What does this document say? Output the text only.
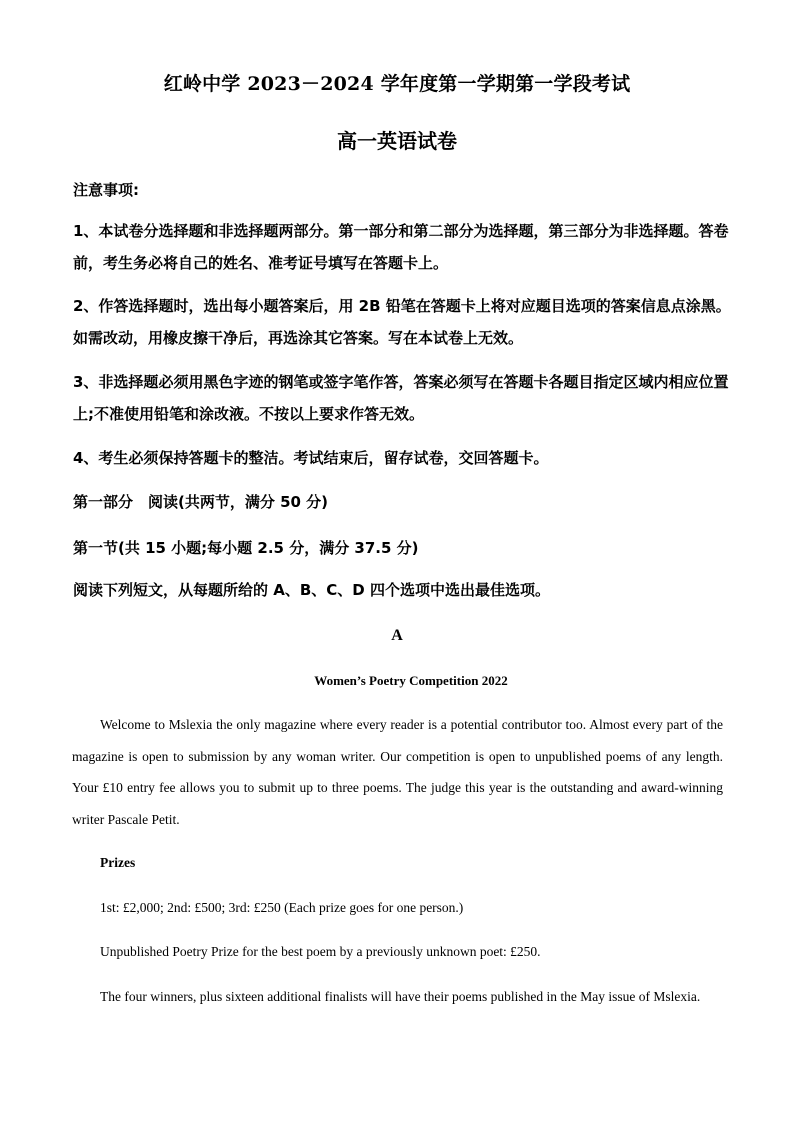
红岭中学 2023－2024 学年度第一学期第一学段考试
高一英语试卷

注意事项:

1、本试卷分选择题和非选择题两部分。第一部分和第二部分为选择题，第三部分为非选择题。答卷前，考生务必将自己的姓名、准考证号填写在答题卡上。

2、作答选择题时，选出每小题答案后，用 2B 铅笔在答题卡上将对应题目选项的答案信息点涂黑。如需改动，用橡皮擦干净后，再选涂其它答案。写在本试卷上无效。

3、非选择题必须用黑色字迹的钢笔或签字笔作答，答案必须写在答题卡各题目指定区域内相应位置上;不准使用铅笔和涂改液。不按以上要求作答无效。

4、考生必须保持答题卡的整洁。考试结束后，留存试卷，交回答题卡。

第一部分　阅读(共两节，满分 50 分)

第一节(共 15 小题;每小题 2.5 分，满分 37.5 分)

阅读下列短文，从每题所给的 A、B、C、D 四个选项中选出最佳选项。

A
Women’s Poetry Competition 2022

Welcome to Mslexia the only magazine where every reader is a potential contributor too. Almost every part of the magazine is open to submission by any woman writer. Our competition is open to unpublished poems of any length. Your £10 entry fee allows you to submit up to three poems. The judge this year is the outstanding and award-winning writer Pascale Petit.

Prizes

1st: £2,000; 2nd: £500; 3rd: £250 (Each prize goes for one person.)

Unpublished Poetry Prize for the best poem by a previously unknown poet: £250.

The four winners, plus sixteen additional finalists will have their poems published in the May issue of Mslexia.
